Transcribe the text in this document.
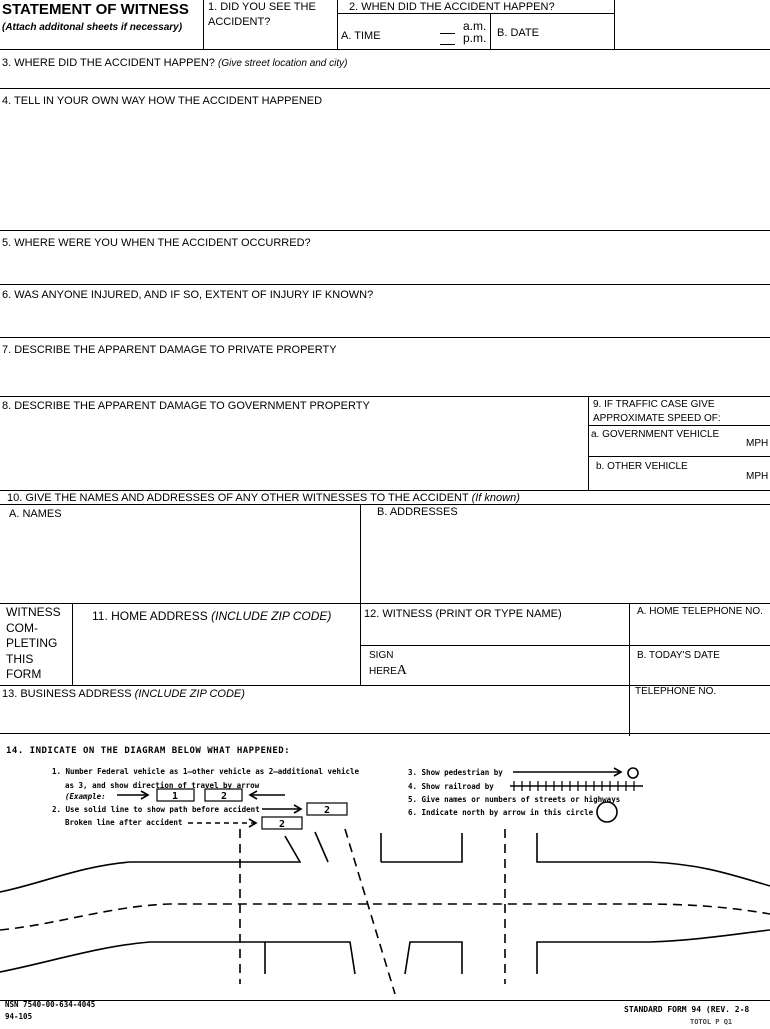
STATEMENT OF WITNESS
(Attach additonal sheets if necessary)
1. DID YOU SEE THE
ACCIDENT?
2. WHEN DID THE ACCIDENT HAPPEN?
A. TIME
a.m.
p.m. B. DATE
3. WHERE DID THE ACCIDENT HAPPEN? (Give street location and city)
4. TELL IN YOUR OWN WAY HOW THE ACCIDENT HAPPENED
5. WHERE WERE YOU WHEN THE ACCIDENT OCCURRED?
6. WAS ANYONE INJURED, AND IF SO, EXTENT OF INJURY IF KNOWN?
7. DESCRIBE THE APPARENT DAMAGE TO PRIVATE PROPERTY
8. DESCRIBE THE APPARENT DAMAGE TO GOVERNMENT PROPERTY	9. IF TRAFFIC CASE GIVE
APPROXIMATE SPEED OF:
a. GOVERNMENT VEHICLE
MPH
b. OTHER VEHICLE
MPH
10. GIVE THE NAMES AND ADDRESSES OF ANY OTHER WITNESSES TO THE ACCIDENT (If known)
A. NAMES	B. ADDRESSES
WITNESS
COM-
PLETING
THIS
FORM
11. HOME ADDRESS (INCLUDE ZIP CODE)	12. WITNESS (PRINT OR TYPE NAME)	A. HOME TELEPHONE NO.
SIGN
HEREA
B. TODAY'S DATE
13. BUSINESS ADDRESS (INCLUDE ZIP CODE)	TELEPHONE NO.
14. INDICATE ON THE DIAGRAM BELOW WHAT HAPPENED:
1. Number Federal vehicle as 1—other vehicle as 2—additional vehicle
as 3, and show direction of travel by arrow
(Example:
2. Use solid line to show path before accident
Broken line after accident
3. Show pedestrian by
4. Show railroad by
5. Give names or numbers of streets or highways
6. Indicate north by arrow in this circle
1	2
2
2
NSN 7540-00-634-4045
94-105
STANDARD FORM 94 (REV. 2-8
TOTOL P Q1
